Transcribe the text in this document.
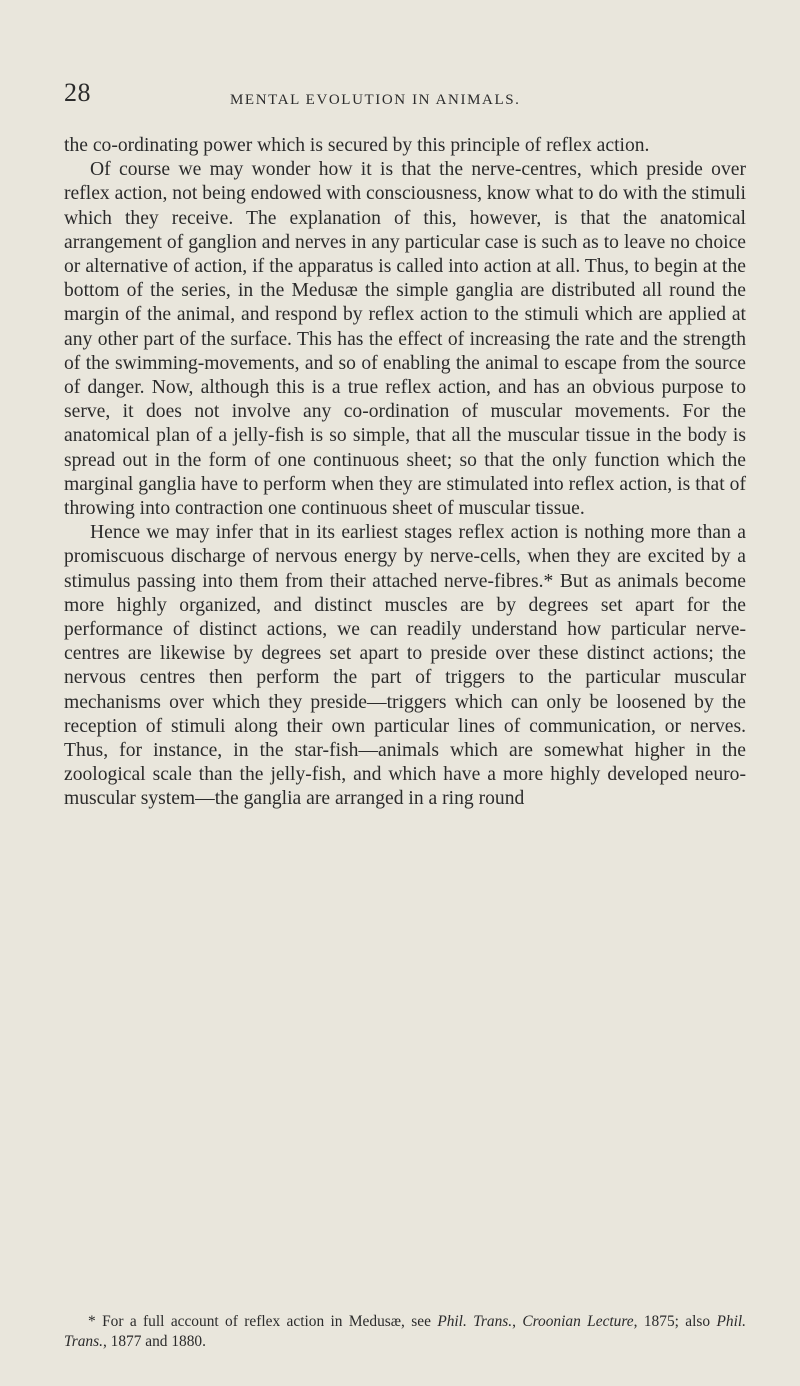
28	MENTAL EVOLUTION IN ANIMALS.

the co-ordinating power which is secured by this principle of reflex action.

Of course we may wonder how it is that the nerve-centres, which preside over reflex action, not being endowed with consciousness, know what to do with the stimuli which they receive. The explanation of this, however, is that the anatomical arrangement of ganglion and nerves in any particular case is such as to leave no choice or alternative of action, if the apparatus is called into action at all. Thus, to begin at the bottom of the series, in the Medusæ the simple ganglia are distributed all round the margin of the animal, and respond by reflex action to the stimuli which are applied at any other part of the surface. This has the effect of increasing the rate and the strength of the swimming-movements, and so of enabling the animal to escape from the source of danger. Now, although this is a true reflex action, and has an obvious purpose to serve, it does not involve any co-ordination of muscular movements. For the anatomical plan of a jelly-fish is so simple, that all the muscular tissue in the body is spread out in the form of one continuous sheet; so that the only function which the marginal ganglia have to perform when they are stimulated into reflex action, is that of throwing into contraction one continuous sheet of muscular tissue.

Hence we may infer that in its earliest stages reflex action is nothing more than a promiscuous discharge of nervous energy by nerve-cells, when they are excited by a stimulus passing into them from their attached nerve-fibres.* But as animals become more highly organized, and distinct muscles are by degrees set apart for the performance of distinct actions, we can readily understand how particular nerve-centres are likewise by degrees set apart to preside over these distinct actions; the nervous centres then perform the part of triggers to the particular muscular mechanisms over which they preside—triggers which can only be loosened by the reception of stimuli along their own particular lines of communication, or nerves. Thus, for instance, in the star-fish—animals which are somewhat higher in the zoological scale than the jelly-fish, and which have a more highly developed neuro-muscular system—the ganglia are arranged in a ring round

* For a full account of reflex action in Medusæ, see Phil. Trans., Croonian Lecture, 1875; also Phil. Trans., 1877 and 1880.
